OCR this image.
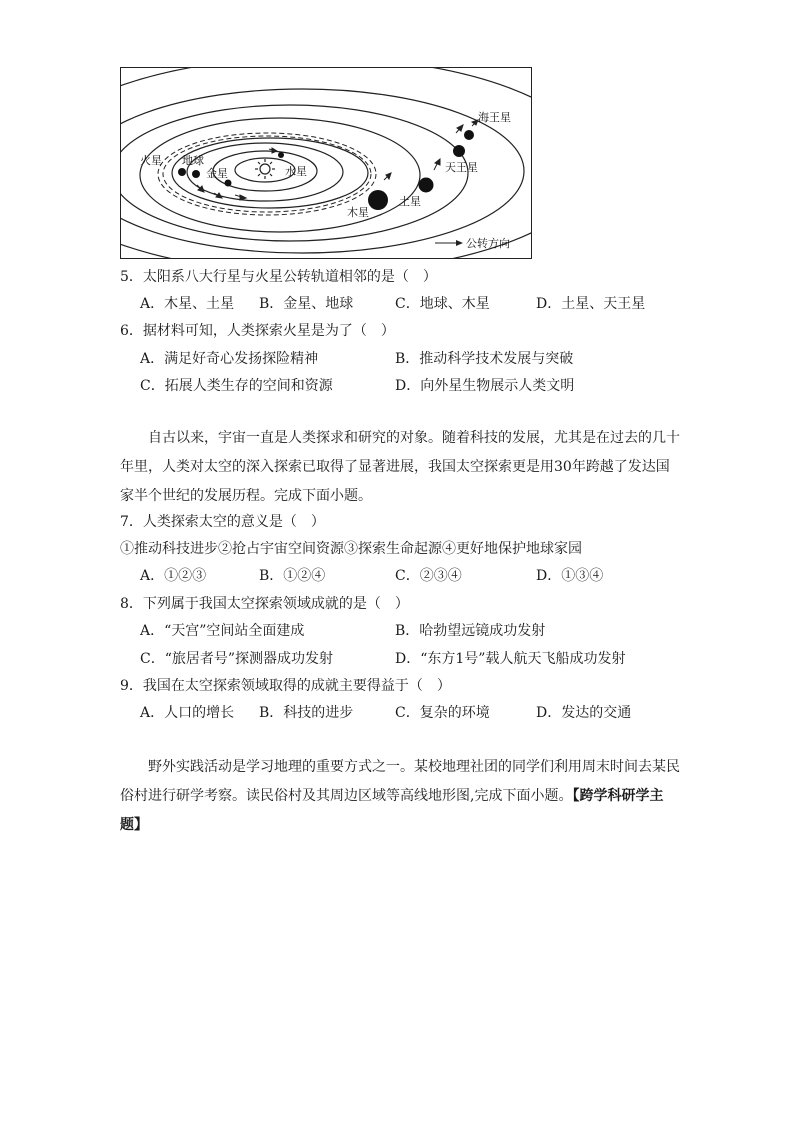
海王星
天王星
土星
木星
火星 地球
金星	水星
公转方向
5．太阳系八大行星与火星公转轨道相邻的是（　）
A．木星、土星 B．金星、地球	C．地球、木星	D．土星、天王星
6．据材料可知，人类探索火星是为了（　）
A．满足好奇心发扬探险精神	B．推动科学技术发展与突破
C．拓展人类生存的空间和资源	D．向外星生物展示人类文明
自古以来，宇宙一直是人类探求和研究的对象。随着科技的发展，尤其是在过去的几十年里，人类对太空的深入探索已取得了显著进展，我国太空探索更是用30年跨越了发达国家半个世纪的发展历程。完成下面小题。
7．人类探索太空的意义是（　）
①推动科技进步②抢占宇宙空间资源③探索生命起源④更好地保护地球家园
A．①②③	B．①②④	C．②③④	D．①③④
8．下列属于我国太空探索领域成就的是（　）
A．“天宫”空间站全面建成	B．哈勃望远镜成功发射
C．“旅居者号”探测器成功发射	D．“东方1号”载人航天飞船成功发射
9．我国在太空探索领域取得的成就主要得益于（　）
A．人口的增长 B．科技的进步	C．复杂的环境	D．发达的交通
野外实践活动是学习地理的重要方式之一。某校地理社团的同学们利用周末时间去某民俗村进行研学考察。读民俗村及其周边区域等高线地形图,完成下面小题。【跨学科研学主题】
